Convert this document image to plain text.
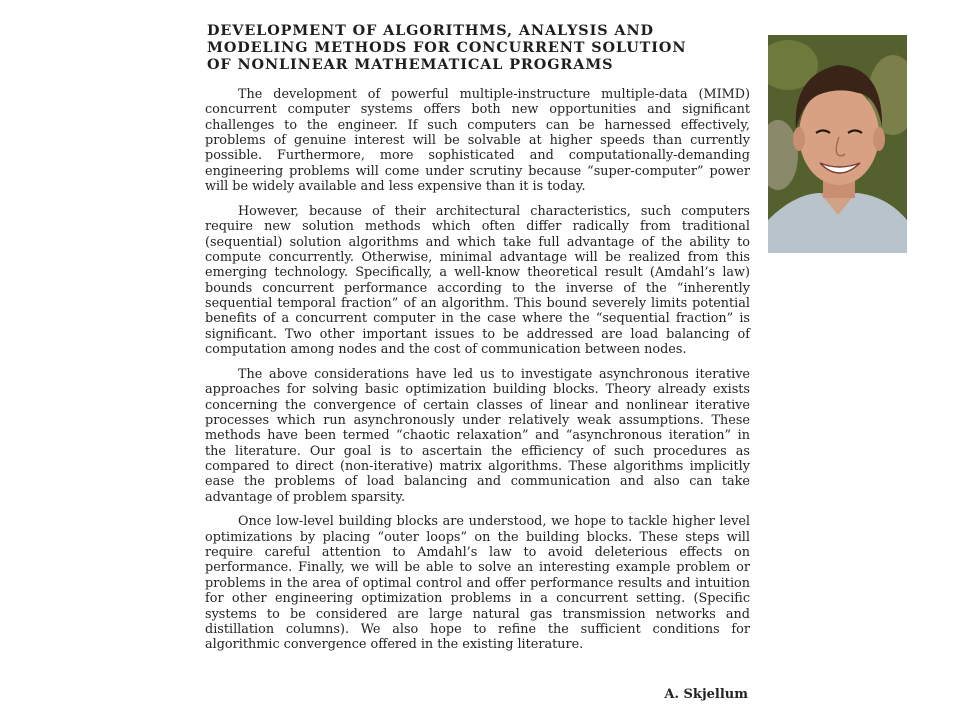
DEVELOPMENT OF ALGORITHMS, ANALYSIS AND
MODELING METHODS FOR CONCURRENT SOLUTION
OF NONLINEAR MATHEMATICAL PROGRAMS

The development of powerful multiple-instructure multiple-data (MIMD) concurrent computer systems offers both new opportunities and significant challenges to the engineer. If such computers can be harnessed effectively, problems of genuine interest will be solvable at higher speeds than currently possible. Furthermore, more sophisticated and computationally-demanding engineering problems will come under scrutiny because “super-computer” power will be widely available and less expensive than it is today.

However, because of their architectural characteristics, such computers require new solution methods which often differ radically from traditional (sequential) solution algorithms and which take full advantage of the ability to compute concurrently. Otherwise, minimal advantage will be realized from this emerging technology. Specifically, a well-know theoretical result (Amdahl’s law) bounds concurrent performance according to the inverse of the “inherently sequential temporal fraction” of an algorithm. This bound severely limits potential benefits of a concurrent computer in the case where the “sequential fraction” is significant. Two other important issues to be addressed are load balancing of computation among nodes and the cost of communication between nodes.

The above considerations have led us to investigate asynchronous iterative approaches for solving basic optimization building blocks. Theory already exists concerning the convergence of certain classes of linear and nonlinear iterative processes which run asynchronously under relatively weak assumptions. These methods have been termed “chaotic relaxation” and “asynchronous iteration” in the literature. Our goal is to ascertain the efficiency of such procedures as compared to direct (non-iterative) matrix algorithms. These algorithms implicitly ease the problems of load balancing and communication and also can take advantage of problem sparsity.

Once low-level building blocks are understood, we hope to tackle higher level optimizations by placing “outer loops” on the building blocks. These steps will require careful attention to Amdahl’s law to avoid deleterious effects on performance. Finally, we will be able to solve an interesting example problem or problems in the area of optimal control and offer performance results and intuition for other engineering optimization problems in a concurrent setting. (Specific systems to be considered are large natural gas transmission networks and distillation columns). We also hope to refine the sufficient conditions for algorithmic convergence offered in the existing literature.

A. Skjellum
